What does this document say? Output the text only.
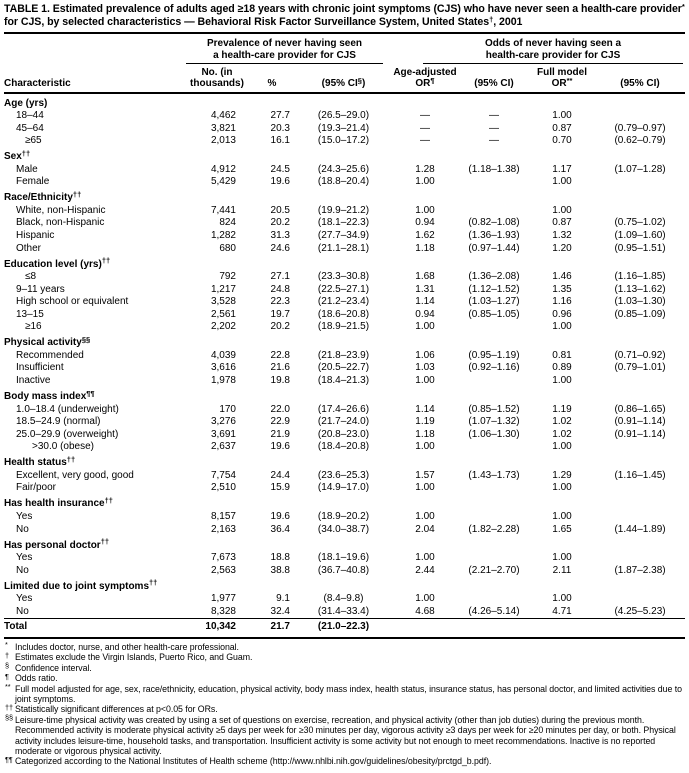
TABLE 1. Estimated prevalence of adults aged ≥18 years with chronic joint symptoms (CJS) who have never seen a health-care provider* for CJS, by selected characteristics — Behavioral Risk Factor Surveillance System, United States†, 2001

	Prevalence of never having seen
a health-care provider for CJS			Odds of never having seen a
health-care provider for CJS			

Characteristic	No. (in
thousands)	%	(95% CI§)	Age-adjusted
OR¶	(95% CI)	Full model
OR**	(95% CI)
Age (yrs)							
18–44	4,462	27.7	(26.5–29.0)	—	—	1.00	
45–64	3,821	20.3	(19.3–21.4)	—	—	0.87	(0.79–0.97)
≥65	2,013	16.1	(15.0–17.2)	—	—	0.70	(0.62–0.79)
Sex††							
Male	4,912	24.5	(24.3–25.6)	1.28	(1.18–1.38)	1.17	(1.07–1.28)
Female	5,429	19.6	(18.8–20.4)	1.00		1.00	
Race/Ethnicity††							
White, non-Hispanic	7,441	20.5	(19.9–21.2)	1.00		1.00	
Black, non-Hispanic	824	20.2	(18.1–22.3)	0.94	(0.82–1.08)	0.87	(0.75–1.02)
Hispanic	1,282	31.3	(27.7–34.9)	1.62	(1.36–1.93)	1.32	(1.09–1.60)
Other	680	24.6	(21.1–28.1)	1.18	(0.97–1.44)	1.20	(0.95–1.51)
Education level (yrs)††							
≤8	792	27.1	(23.3–30.8)	1.68	(1.36–2.08)	1.46	(1.16–1.85)
9–11 years	1,217	24.8	(22.5–27.1)	1.31	(1.12–1.52)	1.35	(1.13–1.62)
High school or equivalent	3,528	22.3	(21.2–23.4)	1.14	(1.03–1.27)	1.16	(1.03–1.30)
13–15	2,561	19.7	(18.6–20.8)	0.94	(0.85–1.05)	0.96	(0.85–1.09)
≥16	2,202	20.2	(18.9–21.5)	1.00		1.00	
Physical activity§§							
Recommended	4,039	22.8	(21.8–23.9)	1.06	(0.95–1.19)	0.81	(0.71–0.92)
Insufficient	3,616	21.6	(20.5–22.7)	1.03	(0.92–1.16)	0.89	(0.79–1.01)
Inactive	1,978	19.8	(18.4–21.3)	1.00		1.00	
Body mass index¶¶							
1.0–18.4 (underweight)	170	22.0	(17.4–26.6)	1.14	(0.85–1.52)	1.19	(0.86–1.65)
18.5–24.9 (normal)	3,276	22.9	(21.7–24.0)	1.19	(1.07–1.32)	1.02	(0.91–1.14)
25.0–29.9 (overweight)	3,691	21.9	(20.8–23.0)	1.18	(1.06–1.30)	1.02	(0.91–1.14)
>30.0 (obese)	2,637	19.6	(18.4–20.8)	1.00		1.00	
Health status††							
Excellent, very good, good	7,754	24.4	(23.6–25.3)	1.57	(1.43–1.73)	1.29	(1.16–1.45)
Fair/poor	2,510	15.9	(14.9–17.0)	1.00		1.00	
Has health insurance††							
Yes	8,157	19.6	(18.9–20.2)	1.00		1.00	
No	2,163	36.4	(34.0–38.7)	2.04	(1.82–2.28)	1.65	(1.44–1.89)
Has personal doctor††							
Yes	7,673	18.8	(18.1–19.6)	1.00		1.00	
No	2,563	38.8	(36.7–40.8)	2.44	(2.21–2.70)	2.11	(1.87–2.38)
Limited due to joint symptoms††							
Yes	1,977	9.1	(8.4–9.8)	1.00		1.00	
No	8,328	32.4	(31.4–33.4)	4.68	(4.26–5.14)	4.71	(4.25–5.23)
Total	10,342	21.7	(21.0–22.3)				
* Includes doctor, nurse, and other health-care professional.
† Estimates exclude the Virgin Islands, Puerto Rico, and Guam.
§ Confidence interval.
¶ Odds ratio.
** Full model adjusted for age, sex, race/ethnicity, education, physical activity, body mass index, health status, insurance status, has personal doctor, and limited activities due to joint symptoms.
†† Statistically significant differences at p<0.05 for ORs.
§§ Leisure-time physical activity was created by using a set of questions on exercise, recreation, and physical activity (other than job duties) during the previous month. Recommended activity is moderate physical activity ≥5 days per week for ≥30 minutes per day, vigorous activity ≥3 days per week for ≥20 minutes per day, or both. Physical activity includes leisure-time, household tasks, and transportation. Insufficient activity is some activity but not enough to meet recommendations. Inactive is no reported moderate or vigorous physical activity.
¶¶ Categorized according to the National Institutes of Health scheme (http://www.nhlbi.nih.gov/guidelines/obesity/prctgd_b.pdf).
